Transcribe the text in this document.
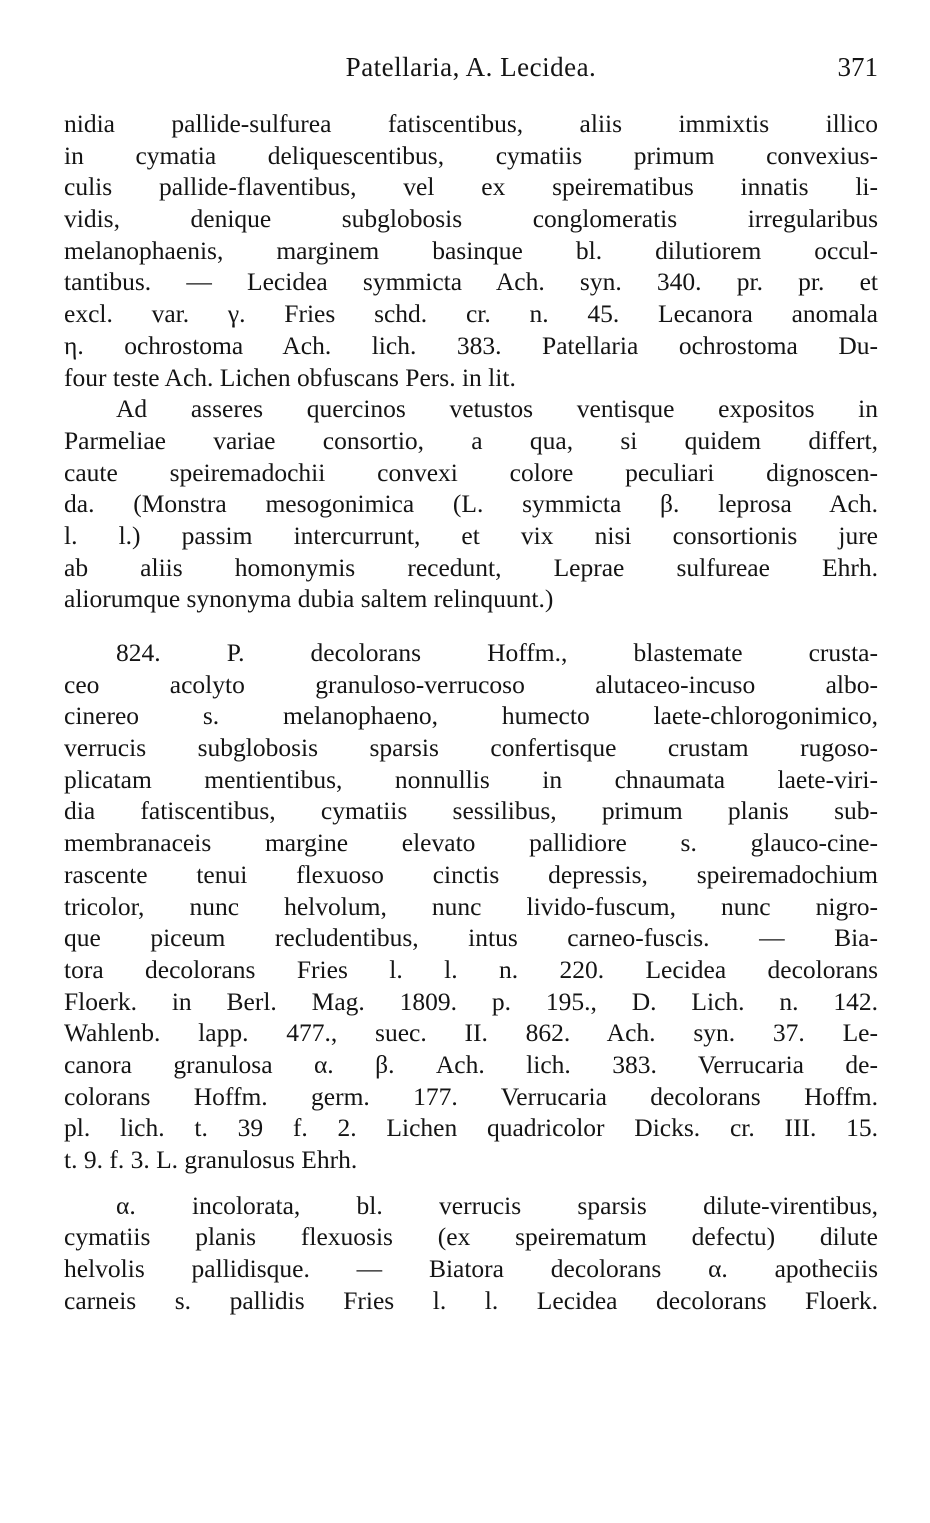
Patellaria, A. Lecidea.	371
nidia pallide-sulfurea fatiscentibus, aliis immixtis illico
in cymatia deliquescentibus, cymatiis primum convexius-
culis pallide-flaventibus, vel ex speirematibus innatis li-
vidis, denique subglobosis conglomeratis irregularibus
melanophaenis, marginem basinque bl. dilutiorem occul-
tantibus. — Lecidea symmicta Ach. syn. 340. pr. pr. et
excl. var. γ. Fries schd. cr. n. 45. Lecanora anomala
η. ochrostoma Ach. lich. 383. Patellaria ochrostoma Du-
four teste Ach. Lichen obfuscans Pers. in lit.
Ad asseres quercinos vetustos ventisque expositos in
Parmeliae variae consortio, a qua, si quidem differt,
caute speiremadochii convexi colore peculiari dignoscen-
da. (Monstra mesogonimica (L. symmicta β. leprosa Ach.
l. l.) passim intercurrunt, et vix nisi consortionis jure
ab aliis homonymis recedunt, Leprae sulfureae Ehrh.
aliorumque synonyma dubia saltem relinquunt.)
824. P. decolorans Hoffm., blastemate crusta-
ceo acolyto granuloso-verrucoso alutaceo-incuso albo-
cinereo s. melanophaeno, humecto laete-chlorogonimico,
verrucis subglobosis sparsis confertisque crustam rugoso-
plicatam mentientibus, nonnullis in chnaumata laete-viri-
dia fatiscentibus, cymatiis sessilibus, primum planis sub-
membranaceis margine elevato pallidiore s. glauco-cine-
rascente tenui flexuoso cinctis depressis, speiremadochium
tricolor, nunc helvolum, nunc livido-fuscum, nunc nigro-
que piceum recludentibus, intus carneo-fuscis. — Bia-
tora decolorans Fries l. l. n. 220. Lecidea decolorans
Floerk. in Berl. Mag. 1809. p. 195., D. Lich. n. 142.
Wahlenb. lapp. 477., suec. II. 862. Ach. syn. 37. Le-
canora granulosa α. β. Ach. lich. 383. Verrucaria de-
colorans Hoffm. germ. 177. Verrucaria decolorans Hoffm.
pl. lich. t. 39 f. 2. Lichen quadricolor Dicks. cr. III. 15.
t. 9. f. 3. L. granulosus Ehrh.
α. incolorata, bl. verrucis sparsis dilute-virentibus,
cymatiis planis flexuosis (ex speirematum defectu) dilute
helvolis pallidisque. — Biatora decolorans α. apotheciis
carneis s. pallidis Fries l. l. Lecidea decolorans Floerk.
